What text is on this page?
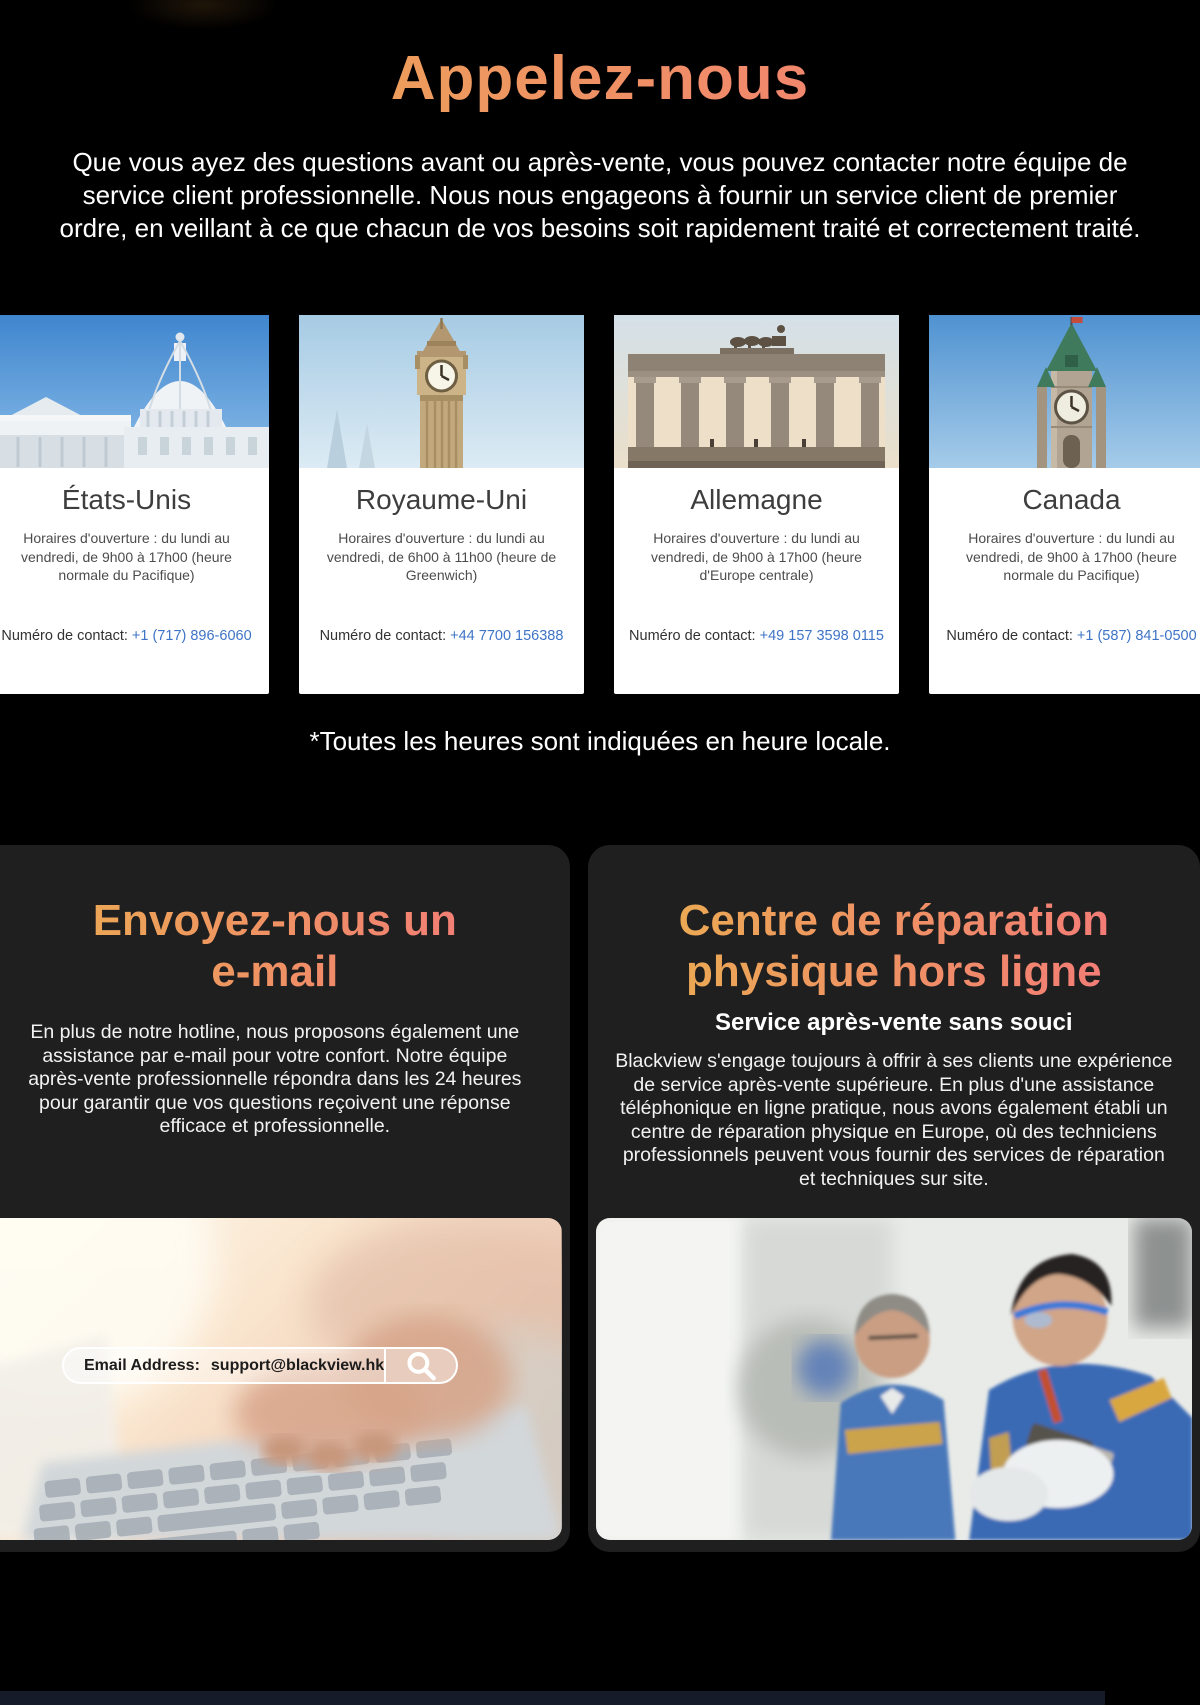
Appelez-nous

Que vous ayez des questions avant ou après-vente, vous pouvez contacter notre équipe de service client professionnelle. Nous nous engageons à fournir un service client de premier ordre, en veillant à ce que chacun de vos besoins soit rapidement traité et correctement traité.

États-Unis
Horaires d'ouverture : du lundi au vendredi, de 9h00 à 17h00 (heure normale du Pacifique)
Numéro de contact: +1 (717) 896-6060
Royaume-Uni
Horaires d'ouverture : du lundi au vendredi, de 6h00 à 11h00 (heure de Greenwich)
Numéro de contact: +44 7700 156388
Allemagne
Horaires d'ouverture : du lundi au vendredi, de 9h00 à 17h00 (heure d'Europe centrale)
Numéro de contact: +49 157 3598 0115
Canada
Horaires d'ouverture : du lundi au vendredi, de 9h00 à 17h00 (heure normale du Pacifique)
Numéro de contact: +1 (587) 841-0500
*Toutes les heures sont indiquées en heure locale.
Envoyez-nous un
e-mail
En plus de notre hotline, nous proposons également une assistance par e-mail pour votre confort. Notre équipe après-vente professionnelle répondra dans les 24 heures pour garantir que vos questions reçoivent une réponse efficace et professionnelle.
Email Address: support@blackview.hk
Centre de réparation
physique hors ligne
Service après-vente sans souci
Blackview s'engage toujours à offrir à ses clients une expérience de service après-vente supérieure. En plus d'une assistance téléphonique en ligne pratique, nous avons également établi un centre de réparation physique en Europe, où des techniciens professionnels peuvent vous fournir des services de réparation et techniques sur site.
